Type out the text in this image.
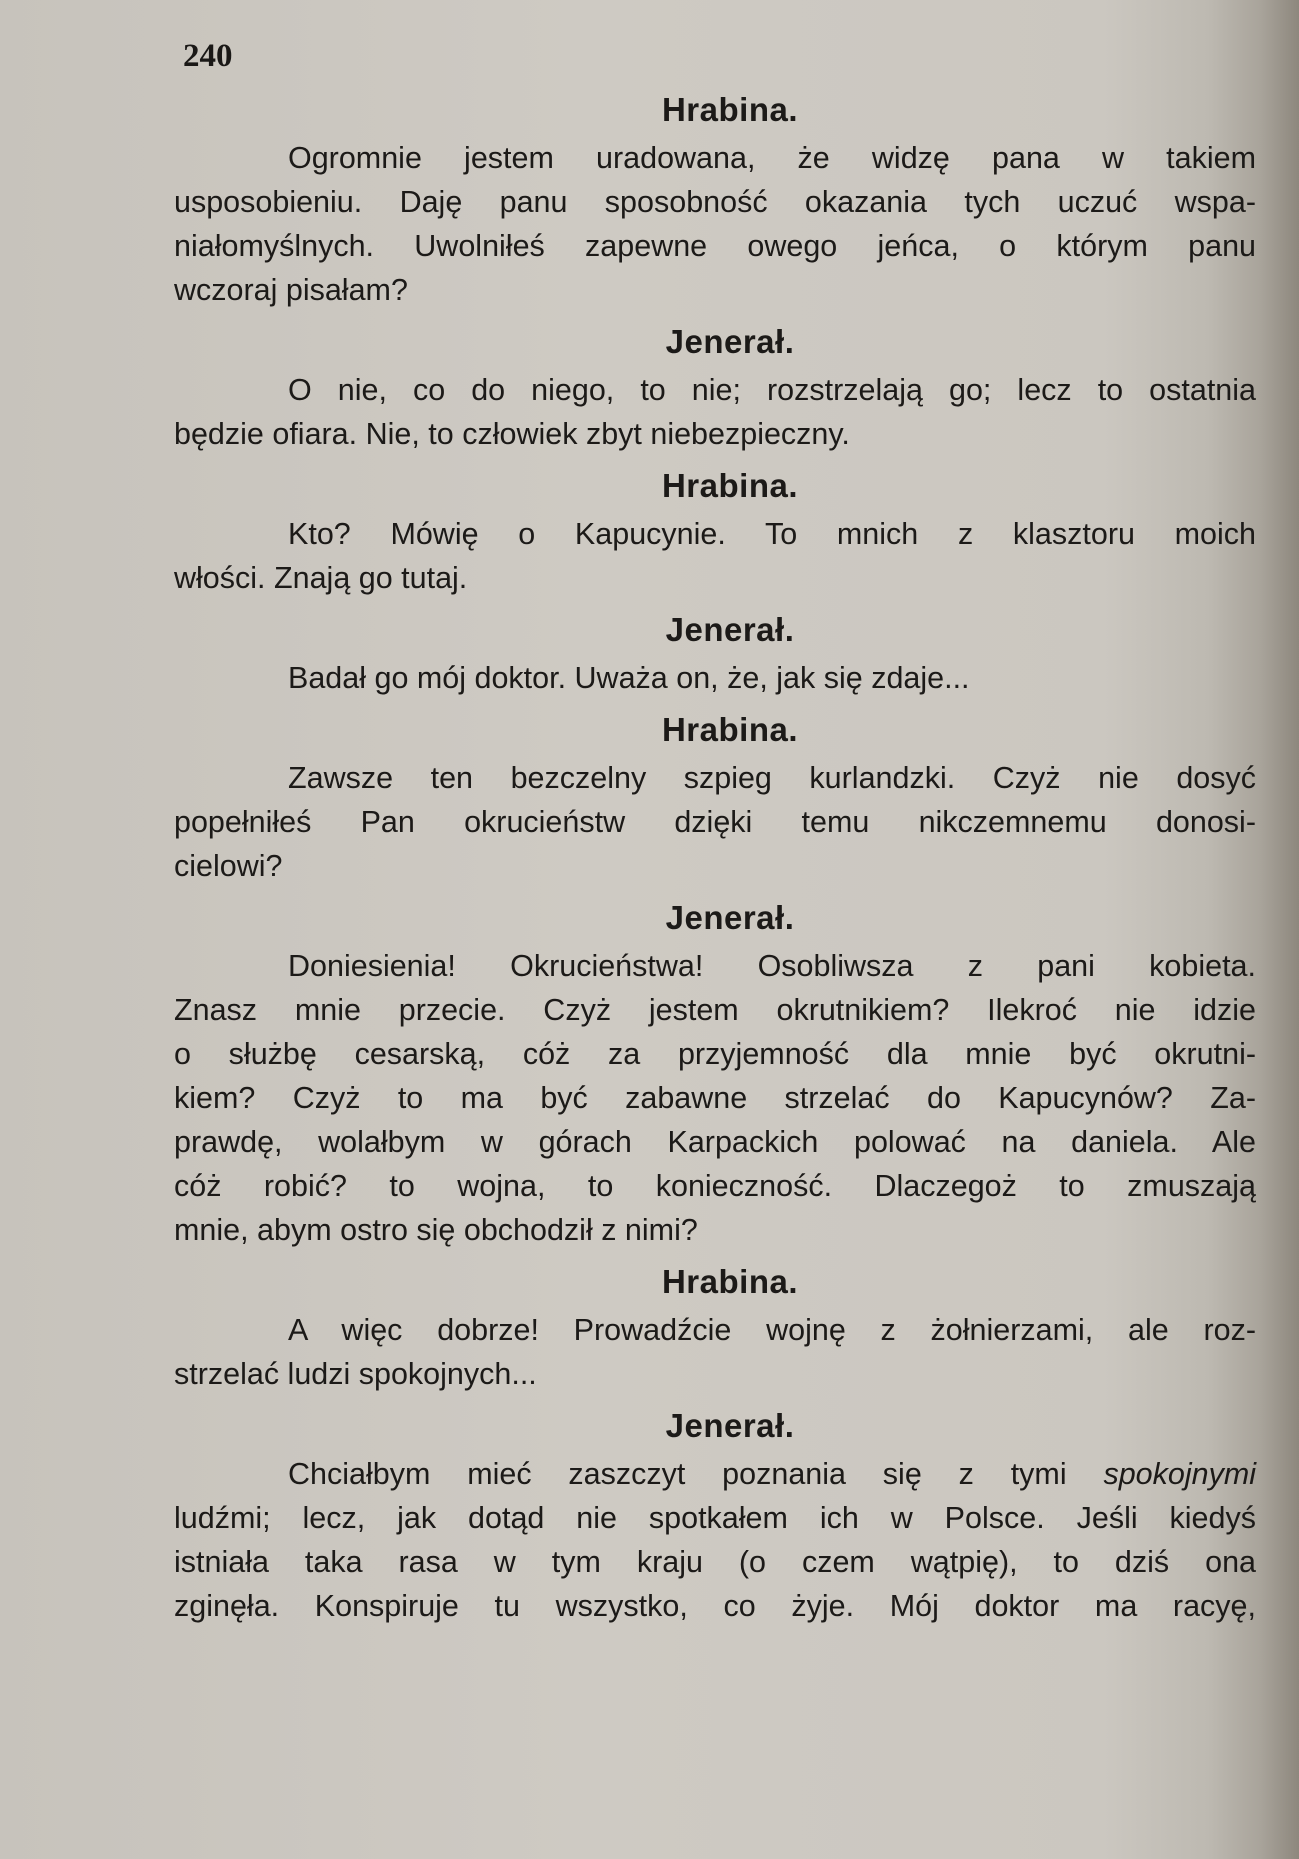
240
Hrabina.
Ogromnie jestem uradowana, że widzę pana w takiem
usposobieniu. Daję panu sposobność okazania tych uczuć wspa-
niałomyślnych. Uwolniłeś zapewne owego jeńca, o którym panu
wczoraj pisałam?
Jenerał.
O nie, co do niego, to nie; rozstrzelają go; lecz to ostatnia
będzie ofiara. Nie, to człowiek zbyt niebezpieczny.
Hrabina.
Kto? Mówię o Kapucynie. To mnich z klasztoru moich
włości. Znają go tutaj.
Jenerał.
Badał go mój doktor. Uważa on, że, jak się zdaje...
Hrabina.
Zawsze ten bezczelny szpieg kurlandzki. Czyż nie dosyć
popełniłeś Pan okrucieństw dzięki temu nikczemnemu donosi-
cielowi?
Jenerał.
Doniesienia! Okrucieństwa! Osobliwsza z pani kobieta.
Znasz mnie przecie. Czyż jestem okrutnikiem? Ilekroć nie idzie
o służbę cesarską, cóż za przyjemność dla mnie być okrutni-
kiem? Czyż to ma być zabawne strzelać do Kapucynów? Za-
prawdę, wolałbym w górach Karpackich polować na daniela. Ale
cóż robić? to wojna, to konieczność. Dlaczegoż to zmuszają
mnie, abym ostro się obchodził z nimi?
Hrabina.
A więc dobrze! Prowadźcie wojnę z żołnierzami, ale roz-
strzelać ludzi spokojnych...
Jenerał.
Chciałbym mieć zaszczyt poznania się z tymi spokojnymi
ludźmi; lecz, jak dotąd nie spotkałem ich w Polsce. Jeśli kiedyś
istniała taka rasa w tym kraju (o czem wątpię), to dziś ona
zginęła. Konspiruje tu wszystko, co żyje. Mój doktor ma racyę,
